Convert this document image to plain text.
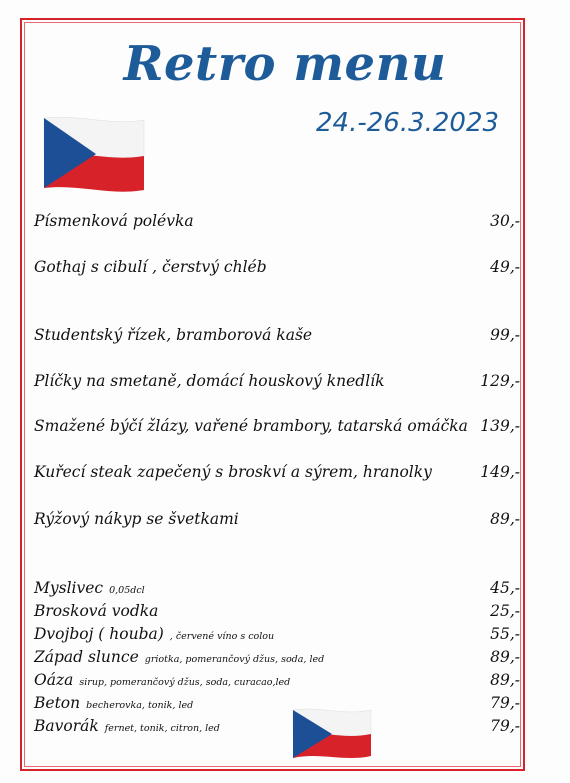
Retro menu
24.-26.3.2023
Písmenková polévka	30,-
Gothaj s cibulí , čerstvý chléb	49,-
Studentský řízek, bramborová kaše	99,-
Plíčky na smetaně, domácí houskový knedlík	129,-
Smažené býčí žlázy, vařené brambory, tatarská omáčka 139,-
Kuřecí steak zapečený s broskví a sýrem, hranolky	149,-
Rýžový nákyp se švetkami	89,-
Myslivec 0,05dcl	45,-
Brosková vodka	25,-
Dvojboj ( houba) , červené víno s colou	55,-
Západ slunce griotka, pomerančový džus, soda, led	89,-
Oáza sirup, pomerančový džus, soda, curacao,led	89,-
Beton becherovka, tonik, led	79,-
Bavorák fernet, tonik, citron, led	79,-
